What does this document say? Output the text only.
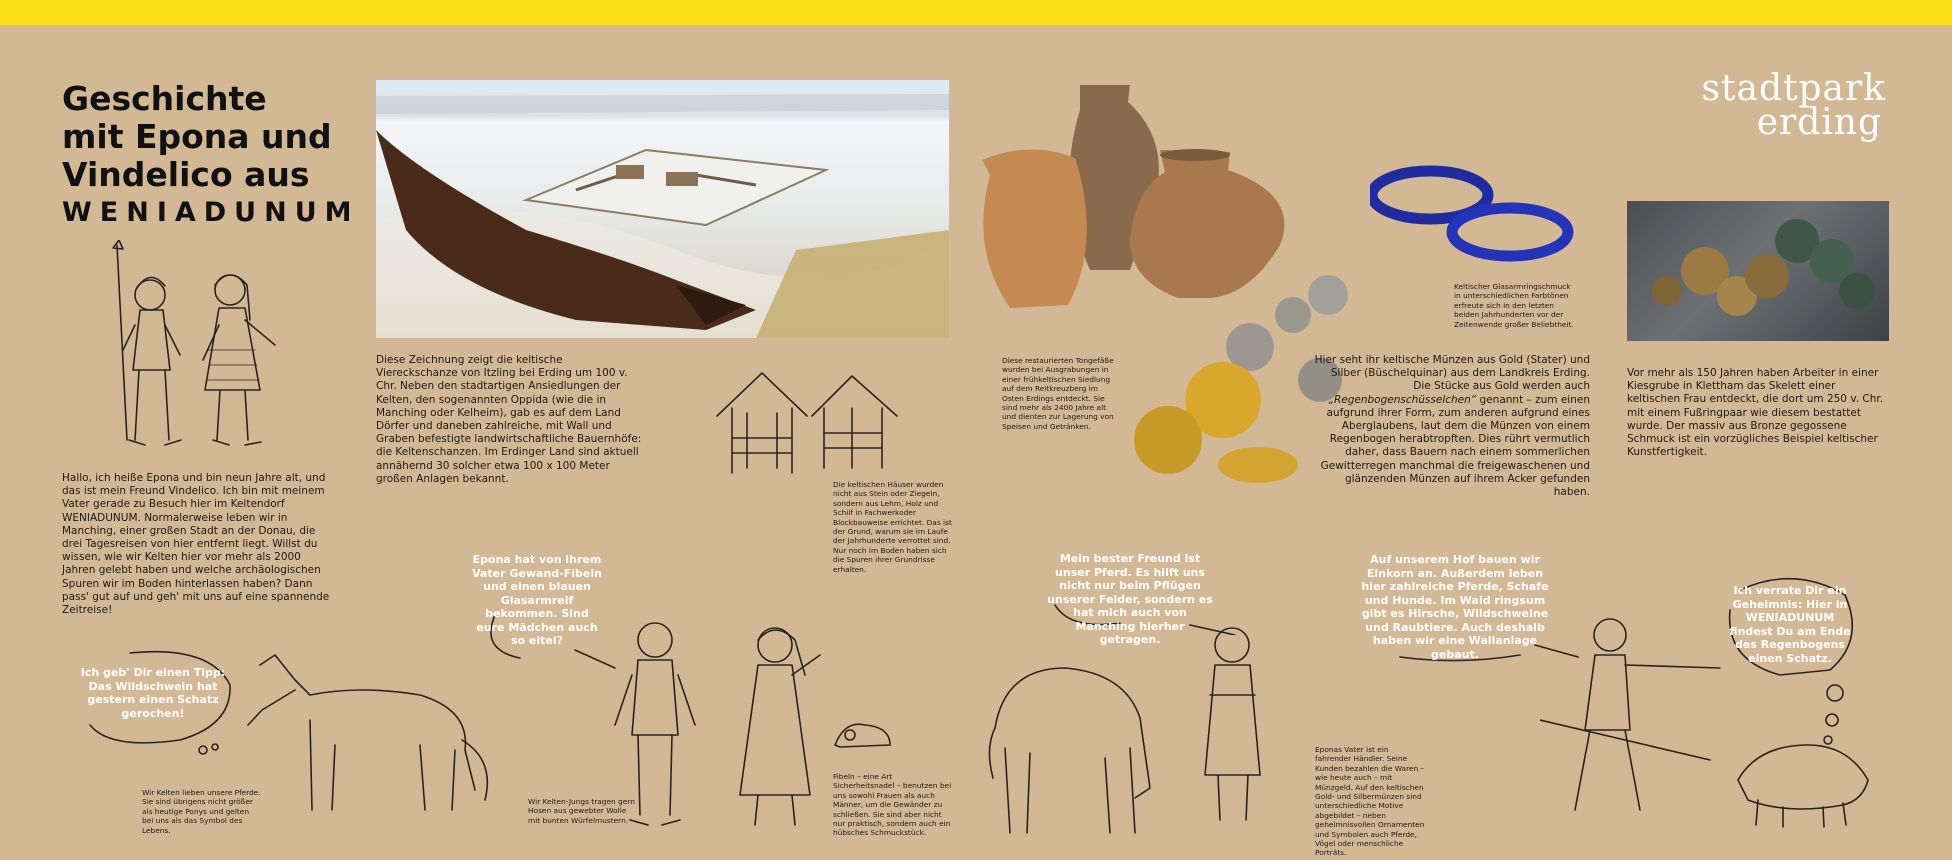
Geschichte
mit Epona und
Vindelico aus
WENIADUNUM
stadtpark
erding
Hallo, ich heiße Epona und bin neun Jahre alt, und das ist mein Freund Vindelico. Ich bin mit meinem Vater gerade zu Besuch hier im Keltendorf WENIADUNUM. Normalerweise leben wir in Manching, einer großen Stadt an der Donau, die drei Tagesreisen von hier entfernt liegt. Willst du wissen, wie wir Kelten hier vor mehr als 2000 Jahren gelebt haben und welche archäologischen Spuren wir im Boden hinterlassen haben? Dann pass' gut auf und geh' mit uns auf eine spannende Zeitreise!
Diese Zeichnung zeigt die keltische Viereckschanze von Itzling bei Erding um 100 v. Chr. Neben den stadtartigen Ansiedlungen der Kelten, den sogenannten Oppida (wie die in Manching oder Kelheim), gab es auf dem Land Dörfer und daneben zahlreiche, mit Wall und Graben befestigte landwirtschaftliche Bauernhöfe: die Keltenschanzen. Im Erdinger Land sind aktuell annähernd 30 solcher etwa 100 x 100 Meter großen Anlagen bekannt.	Die keltischen Häuser wurden nicht aus Stein oder Ziegeln, sondern aus Lehm, Holz und Schilf in Fachwerkoder Blockbauweise errichtet. Das ist der Grund, warum sie im Laufe der Jahrhunderte verrottet sind. Nur noch im Boden haben sich die Spuren ihrer Grundrisse erhalten.
Diese restaurierten Tongefäße wurden bei Ausgrabungen in einer frühkeltischen Siedlung auf dem Reitkreuzberg im Osten Erdings entdeckt. Sie sind mehr als 2400 Jahre alt und dienten zur Lagerung von Speisen und Getränken.
Keltischer Glasarmringschmuck in unterschiedlichen Farbtönen erfreute sich in den letzten beiden Jahrhunderten vor der Zeitenwende großer Beliebtheit.
Hier seht ihr keltische Münzen aus Gold (Stater) und Silber (Büschelquinar) aus dem Landkreis Erding. Die Stücke aus Gold werden auch „Regenbogenschüsselchen“ genannt – zum einen aufgrund ihrer Form, zum anderen aufgrund eines Aberglaubens, laut dem die Münzen von einem Regenbogen herabtropften. Dies rührt vermutlich daher, dass Bauern nach einem sommerlichen Gewitterregen manchmal die freigewaschenen und glänzenden Münzen auf ihrem Acker gefunden haben.
Vor mehr als 150 Jahren haben Arbeiter in einer Kiesgrube in Klettham das Skelett einer keltischen Frau entdeckt, die dort um 250 v. Chr. mit einem Fußringpaar wie diesem bestattet wurde. Der massiv aus Bronze gegossene Schmuck ist ein vorzügliches Beispiel keltischer Kunstfertigkeit.
Ich geb' Dir einen Tipp: Das Wildschwein hat gestern einen Schatz gerochen!
Epona hat von ihrem Vater Gewand-Fibeln und einen blauen Glasarmreif bekommen. Sind eure Mädchen auch so eitel?
Mein bester Freund ist unser Pferd. Es hilft uns nicht nur beim Pflügen unserer Felder, sondern es hat mich auch von Manching hierher getragen.
Auf unserem Hof bauen wir Einkorn an. Außerdem leben hier zahlreiche Pferde, Schafe und Hunde. Im Wald ringsum gibt es Hirsche, Wildschweine und Raubtiere. Auch deshalb haben wir eine Wallanlage gebaut.
Ich verrate Dir ein Geheimnis: Hier in WENIADUNUM findest Du am Ende des Regenbogens einen Schatz.
Wir Kelten lieben unsere Pferde. Sie sind übrigens nicht größer als heutige Ponys und gelten bei uns als das Symbol des Lebens.
Wir Kelten-Jungs tragen gern Hosen aus gewebter Wolle mit bunten Würfelmustern.
Fibeln – eine Art Sicherheitsnadel – benutzen bei uns sowohl Frauen als auch Männer, um die Gewänder zu schließen. Sie sind aber nicht nur praktisch, sondern auch ein hübsches Schmuckstück.
Eponas Vater ist ein fahrender Händler. Seine Kunden bezahlen die Waren – wie heute auch – mit Münzgeld. Auf den keltischen Gold- und Silbermünzen sind unterschiedliche Motive abgebildet – neben geheimnisvollen Ornamenten und Symbolen auch Pferde, Vögel oder menschliche Porträts.
